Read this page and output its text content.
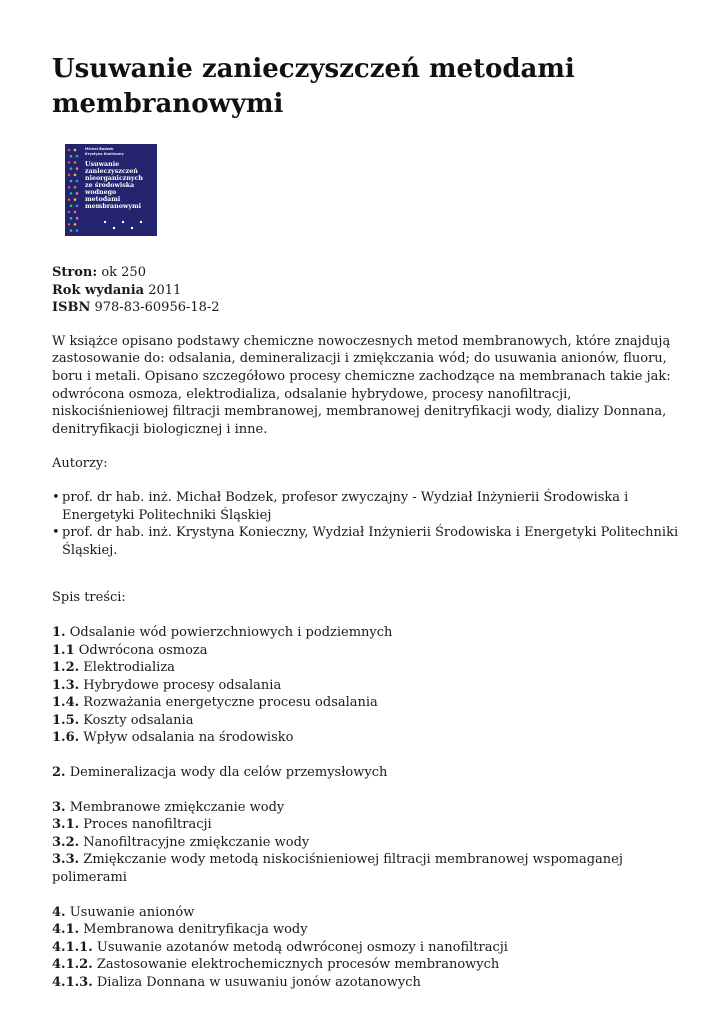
Usuwanie zanieczyszczeń metodami membranowymi
Michał Bodzek
Krystyna Konieczny
Usuwanie
zanieczyszczeń
nieorganicznych
ze środowiska
wodnego
metodami
membranowymi

Stron: ok 250

Rok wydania 2011

ISBN 978-83-60956-18-2

W książce opisano podstawy chemiczne nowoczesnych metod membranowych, które znajdują zastosowanie do: odsalania, demineralizacji i zmiękczania wód; do usuwania anionów, fluoru, boru i metali. Opisano szczegółowo procesy chemiczne zachodzące na membranach takie jak: odwrócona osmoza, elektrodializa, odsalanie hybrydowe, procesy nanofiltracji, niskociśnieniowej filtracji membranowej, membranowej denitryfikacji wody, dializy Donnana, denitryfikacji biologicznej i inne.

Autorzy:

• prof. dr hab. inż. Michał Bodzek, profesor zwyczajny - Wydział Inżynierii Środowiska i Energetyki Politechniki Śląskiej
• prof. dr hab. inż. Krystyna Konieczny, Wydział Inżynierii Środowiska i Energetyki Politechniki Śląskiej.

Spis treści:

1. Odsalanie wód powierzchniowych i podziemnych

1.1 Odwrócona osmoza

1.2. Elektrodializa

1.3. Hybrydowe procesy odsalania

1.4. Rozważania energetyczne procesu odsalania

1.5. Koszty odsalania

1.6. Wpływ odsalania na środowisko

2. Demineralizacja wody dla celów przemysłowych

3. Membranowe zmiękczanie wody

3.1. Proces nanofiltracji

3.2. Nanofiltracyjne zmiękczanie wody

3.3. Zmiękczanie wody metodą niskociśnieniowej filtracji membranowej wspomaganej polimerami

4. Usuwanie anionów

4.1. Membranowa denitryfikacja wody

4.1.1. Usuwanie azotanów metodą odwróconej osmozy i nanofiltracji

4.1.2. Zastosowanie elektrochemicznych procesów membranowych

4.1.3. Dializa Donnana w usuwaniu jonów azotanowych
